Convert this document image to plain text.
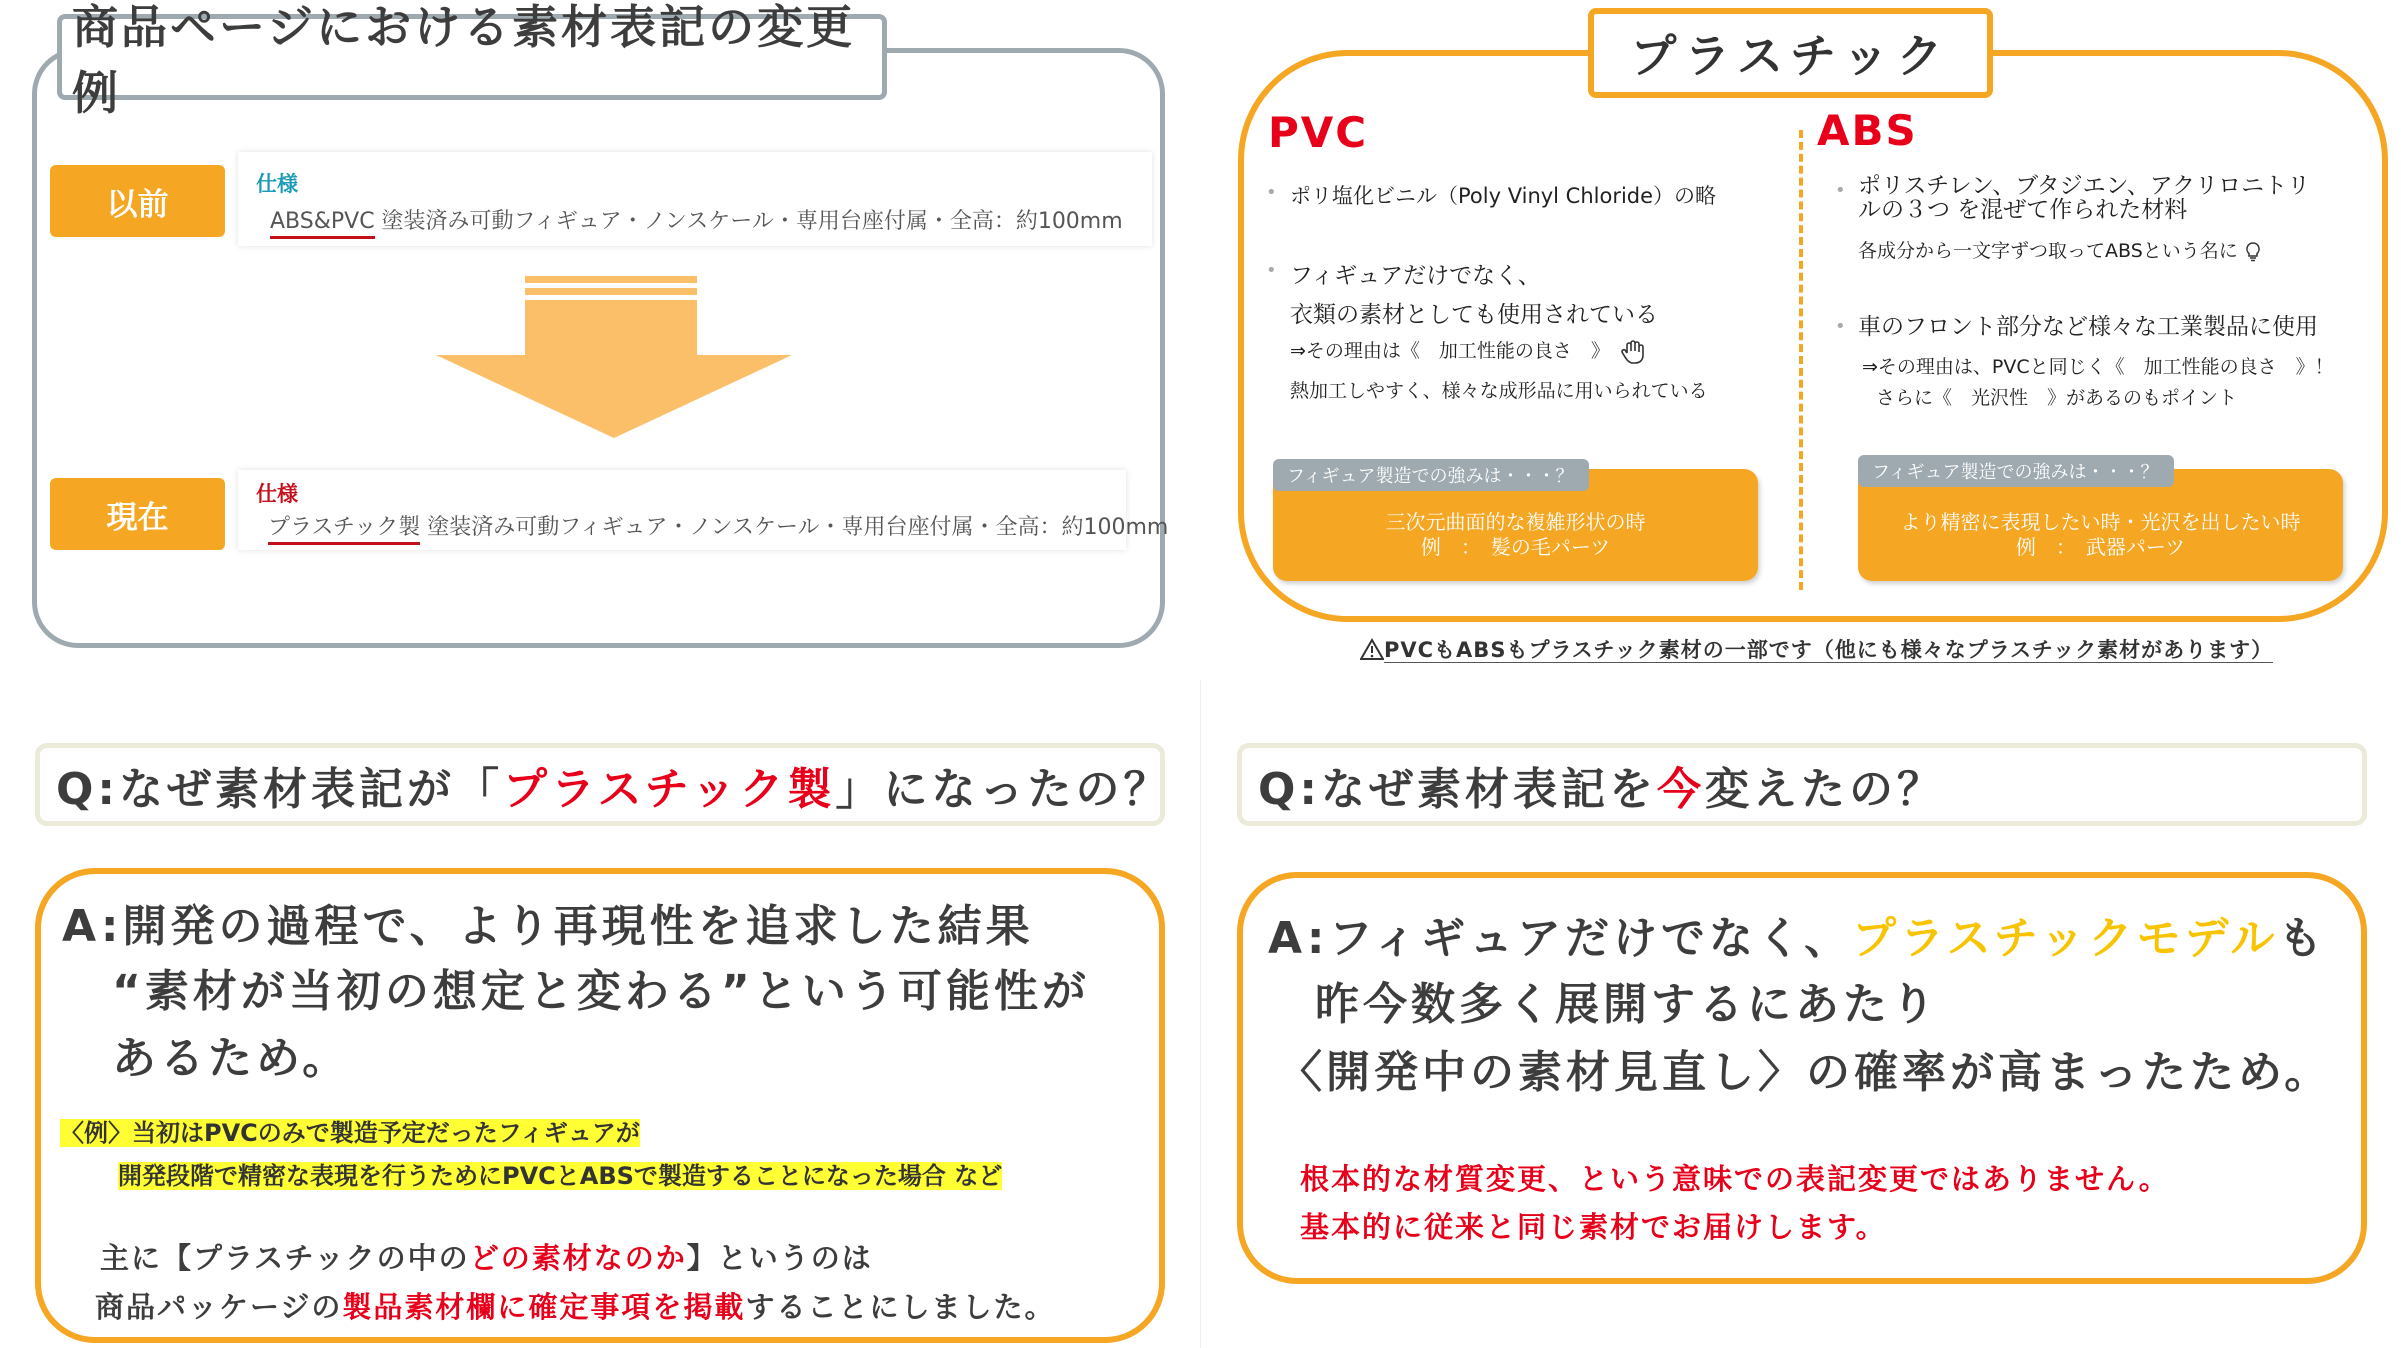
商品ページにおける素材表記の変更例
以前
仕様
ABS&PVC 塗装済み可動フィギュア・ノンスケール・専用台座付属・全高：約100mm
現在
仕様
プラスチック製 塗装済み可動フィギュア・ノンスケール・専用台座付属・全高：約100mm
プラスチック
PVC
• ポリ塩化ビニル（Poly Vinyl Chloride）の略
• フィギュアだけでなく、
衣類の素材としても使用されている
⇒その理由は《　加工性能の良さ　》
熱加工しやすく、様々な成形品に用いられている
フィギュア製造での強みは・・・？
三次元曲面的な複雑形状の時
例　：　髪の毛パーツ
ABS
• ポリスチレン、ブタジエン、アクリロニトリ
ルの３つ を混ぜて作られた材料
各成分から一文字ずつ取ってABSという名に
• 車のフロント部分など様々な工業製品に使用
⇒その理由は、PVCと同じく《　加工性能の良さ　》！
さらに《　光沢性　》があるのもポイント
フィギュア製造での強みは・・・？
より精密に表現したい時・光沢を出したい時
例　：　武器パーツ
PVCもABSもプラスチック素材の一部です（他にも様々なプラスチック素材があります）
Q:なぜ素材表記が「 プラスチック製 」になったの？
A:開発の過程で、より再現性を追求した結果
“素材が当初の想定と変わる”という可能性が
あるため。
〈例〉当初はPVCのみで製造予定だったフィギュアが
開発段階で精密な表現を行うためにPVCとABSで製造することになった場合 など
主に【プラスチックの中のどの素材なのか】というのは
商品パッケージの製品素材欄に確定事項を掲載することにしました。
Q:なぜ素材表記を 今 変えたの？
A:フィギュアだけでなく、プラスチックモデルも
昨今数多く展開するにあたり
〈開発中の素材見直し〉の確率が高まったため。
根本的な材質変更、という意味での表記変更ではありません。
基本的に従来と同じ素材でお届けします。
